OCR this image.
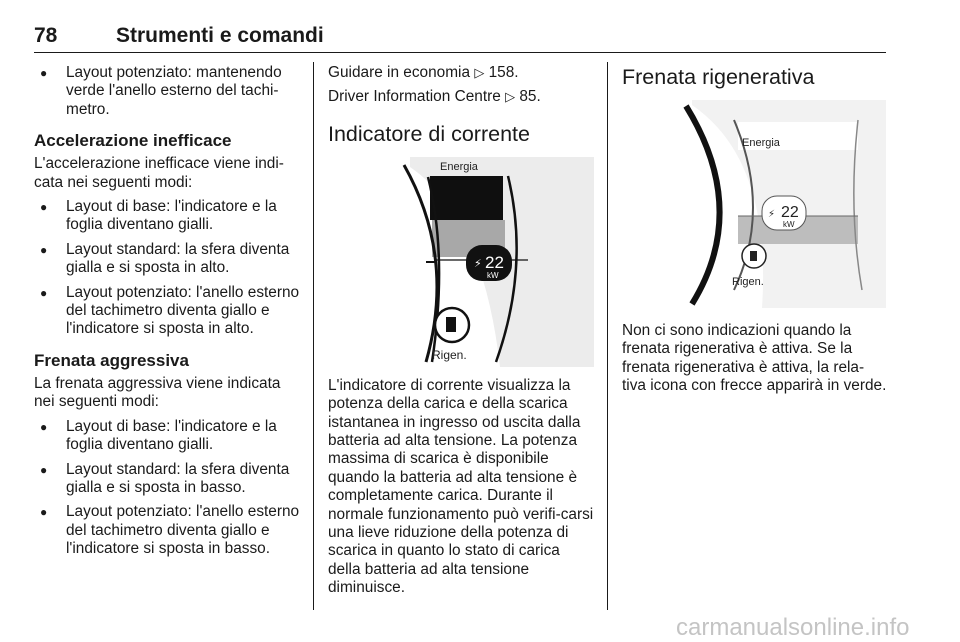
78	Strumenti e comandi
● Layout potenziato: mantenendo verde l'anello esterno del tachi-metro.
Accelerazione inefficace

L'accelerazione inefficace viene indi-cata nei seguenti modi:

● Layout di base: l'indicatore e la foglia diventano gialli.
● Layout standard: la sfera diventa gialla e si sposta in alto.
● Layout potenziato: l'anello esterno del tachimetro diventa giallo e l'indicatore si sposta in alto.
Frenata aggressiva

La frenata aggressiva viene indicata nei seguenti modi:

● Layout di base: l'indicatore e la foglia diventano gialli.
● Layout standard: la sfera diventa gialla e si sposta in basso.
● Layout potenziato: l'anello esterno del tachimetro diventa giallo e l'indicatore si sposta in basso.

Guidare in economia ▷ 158.

Driver Information Centre ▷ 85.

Indicatore di corrente
⚡ 22
kW
Energia
Rigen.

L'indicatore di corrente visualizza la potenza della carica e della scarica istantanea in ingresso od uscita dalla batteria ad alta tensione. La potenza massima di scarica è disponibile quando la batteria ad alta tensione è completamente carica. Durante il normale funzionamento può verifi-carsi una lieve riduzione della potenza di scarica in quanto lo stato di carica della batteria ad alta tensione diminuisce.

Frenata rigenerativa
⚡ 22
kW
Energia
Rigen.

Non ci sono indicazioni quando la frenata rigenerativa è attiva. Se la frenata rigenerativa è attiva, la rela-tiva icona con frecce apparirà in verde.

carmanualsonline.info
